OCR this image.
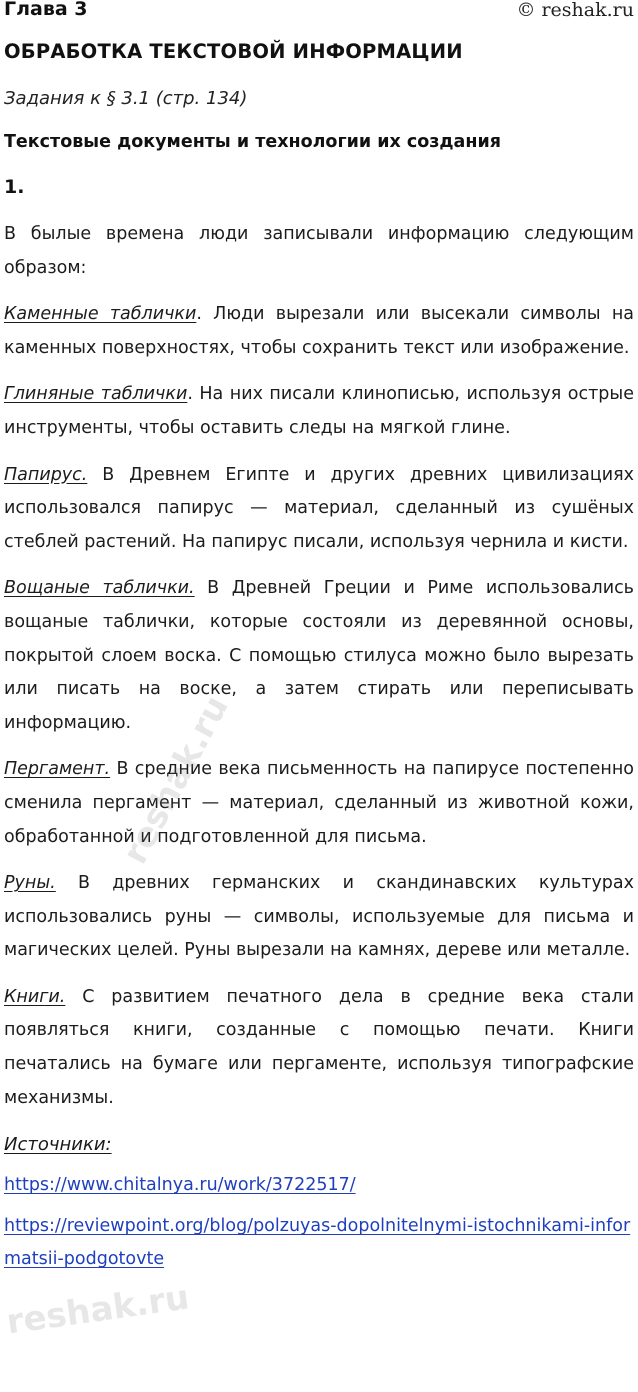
Глава 3	© reshak.ru
ОБРАБОТКА ТЕКСТОВОЙ ИНФОРМАЦИИ
Задания к § 3.1 (стр. 134)
Текстовые документы и технологии их создания
1.

В былые времена люди записывали информацию следующим образом:

Каменные таблички. Люди вырезали или высекали символы на каменных поверхностях, чтобы сохранить текст или изображение.

Глиняные таблички. На них писали клинописью, используя острые инструменты, чтобы оставить следы на мягкой глине.

Папирус. В Древнем Египте и других древних цивилизациях использовался папирус — материал, сделанный из сушёных стеблей растений. На папирус писали, используя чернила и кисти.

Вощаные таблички. В Древней Греции и Риме использовались вощаные таблички, которые состояли из деревянной основы, покрытой слоем воска. С помощью стилуса можно было вырезать или писать на воске, а затем стирать или переписывать информацию.

Пергамент. В средние века письменность на папирусе постепенно сменила пергамент — материал, сделанный из животной кожи, обработанной и подготовленной для письма.

Руны. В древних германских и скандинавских культурах использовались руны — символы, используемые для письма и магических целей. Руны вырезали на камнях, дереве или металле.

Книги. С развитием печатного дела в средние века стали появляться книги, созданные с помощью печати. Книги печатались на бумаге или пергаменте, используя типографские механизмы.

Источники:
https://www.chitalnya.ru/work/3722517/
https://reviewpoint.org/blog/polzuyas-dopolnitelnymi-istochnikami-informatsii-podgotovte
reshak.ru
reshak.ru
